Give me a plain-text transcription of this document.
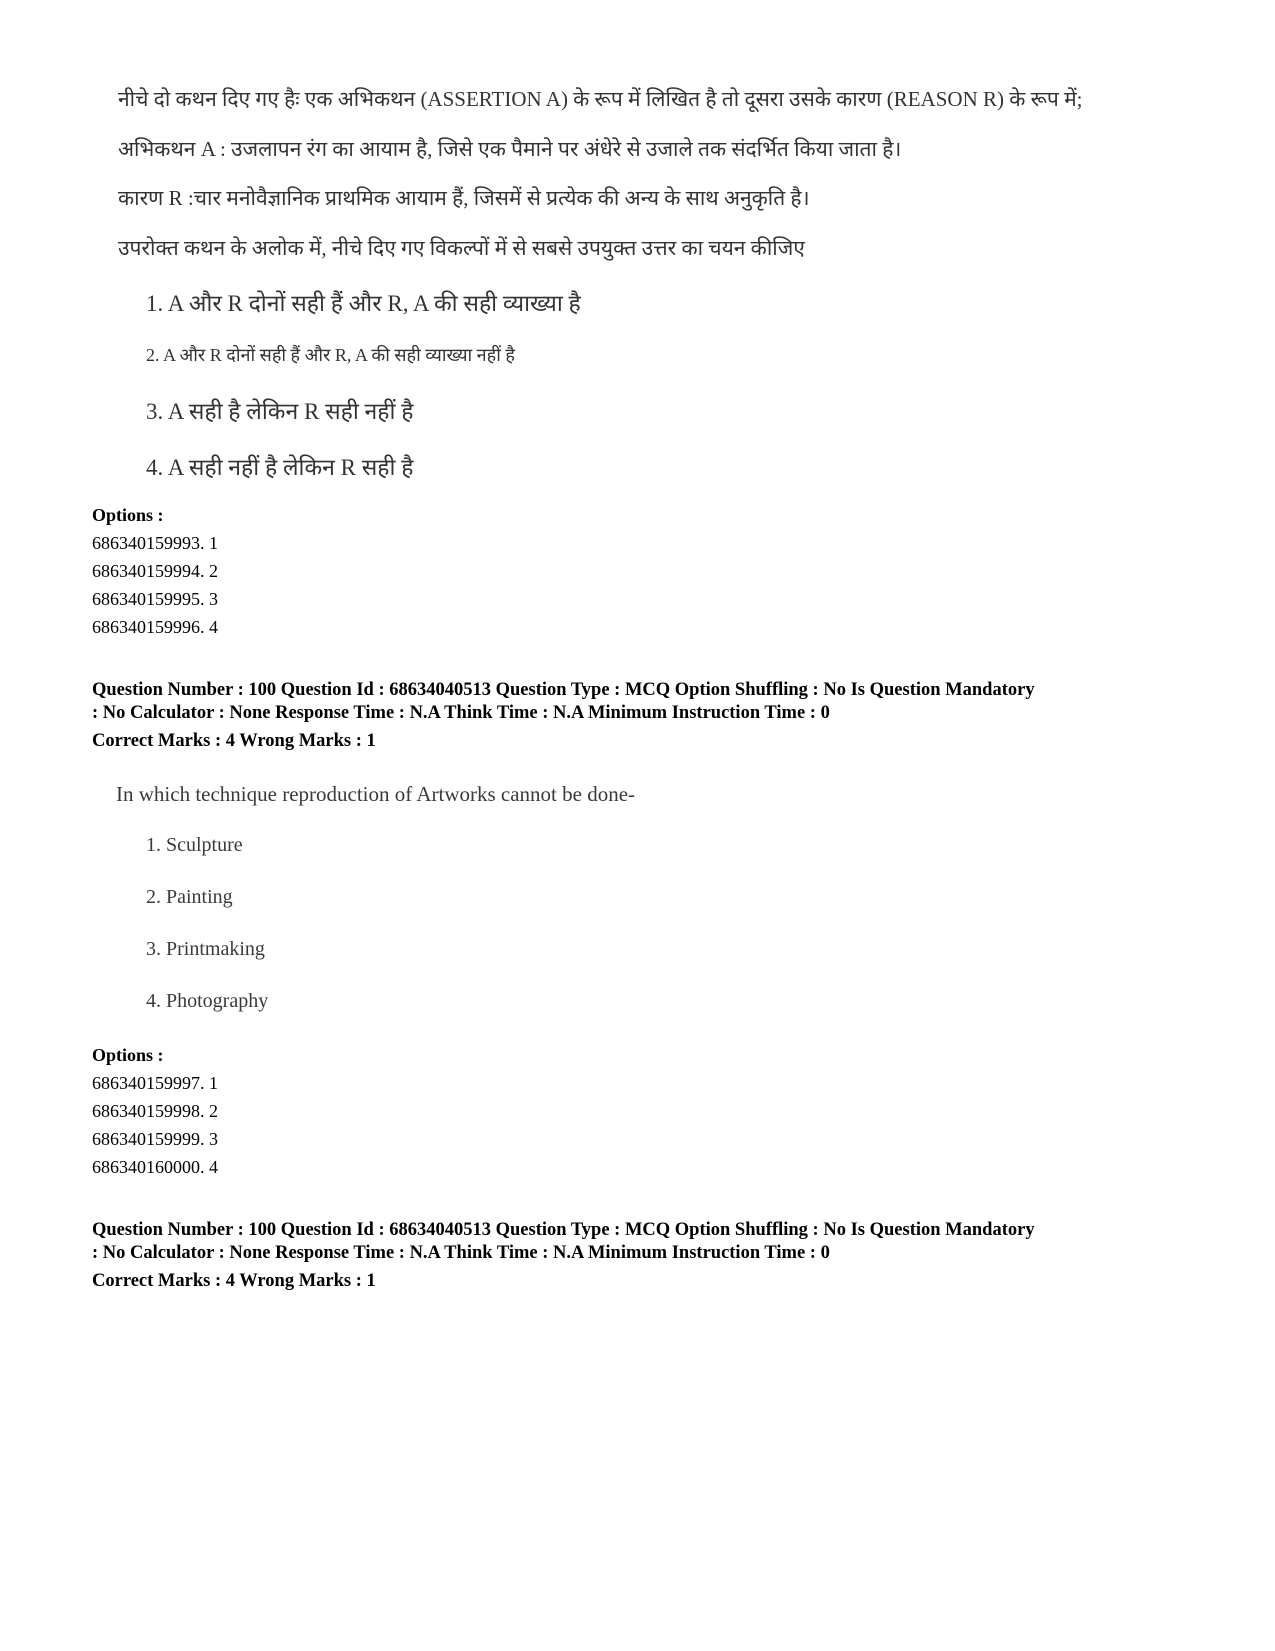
नीचे दो कथन दिए गए हैः एक अभिकथन (ASSERTION A) के रूप में लिखित है तो दूसरा उसके कारण (REASON R) के रूप में;
अभिकथन A : उजलापन रंग का आयाम है, जिसे एक पैमाने पर अंधेरे से उजाले तक संदर्भित किया जाता है।
कारण R :चार मनोवैज्ञानिक प्राथमिक आयाम हैं, जिसमें से प्रत्येक की अन्य के साथ अनुकृति है।
उपरोक्त कथन के अलोक में, नीचे दिए गए विकल्पों में से सबसे उपयुक्त उत्तर का चयन कीजिए
1. A और R दोनों सही हैं और R, A की सही व्याख्या है
2. A और R दोनों सही हैं और R, A की सही व्याख्या नहीं है
3. A सही है लेकिन R सही नहीं है
4. A सही नहीं है लेकिन R सही है
Options :
686340159993. 1
686340159994. 2
686340159995. 3
686340159996. 4
Question Number : 100 Question Id : 68634040513 Question Type : MCQ Option Shuffling : No Is Question Mandatory
: No Calculator : None Response Time : N.A Think Time : N.A Minimum Instruction Time : 0
Correct Marks : 4 Wrong Marks : 1
In which technique reproduction of Artworks cannot be done-
1. Sculpture
2. Painting
3. Printmaking
4. Photography
Options :
686340159997. 1
686340159998. 2
686340159999. 3
686340160000. 4
Question Number : 100 Question Id : 68634040513 Question Type : MCQ Option Shuffling : No Is Question Mandatory
: No Calculator : None Response Time : N.A Think Time : N.A Minimum Instruction Time : 0
Correct Marks : 4 Wrong Marks : 1
